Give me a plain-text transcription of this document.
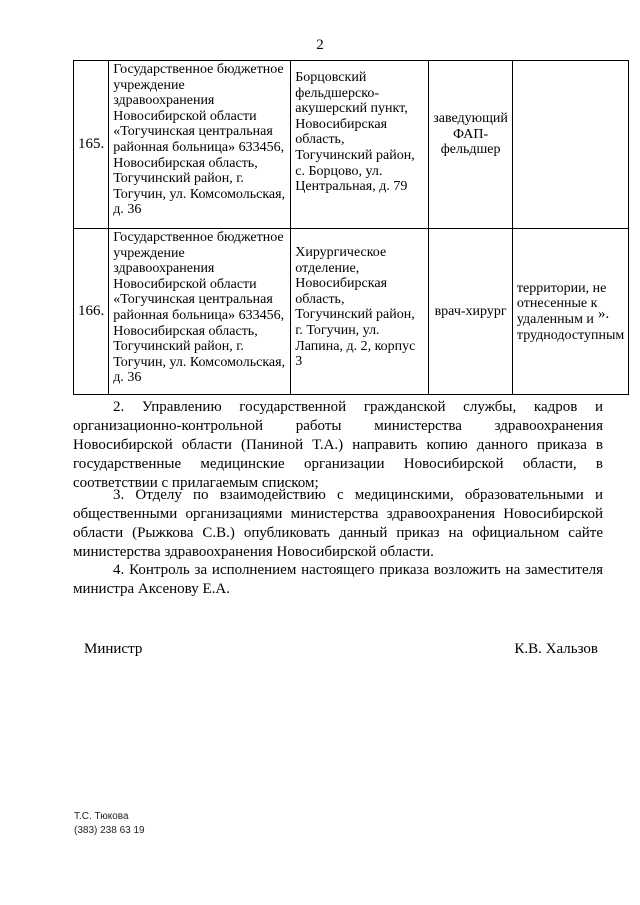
2
165.	Государственное бюджетное учреждение здравоохранения Новосибирской области «Тогучинская центральная районная больница» 633456, Новосибирская область, Тогучинский район, г. Тогучин, ул. Комсомольская, д. 36	Борцовский фельдшерско-акушерский пункт, Новосибирская область, Тогучинский район, с. Борцово, ул. Центральная, д. 79	заведующий ФАП-фельдшер	
166.	Государственное бюджетное учреждение здравоохранения Новосибирской области «Тогучинская центральная районная больница» 633456, Новосибирская область, Тогучинский район, г. Тогучин, ул. Комсомольская, д. 36	Хирургическое отделение, Новосибирская область, Тогучинский район, г. Тогучин, ул. Лапина, д. 2, корпус 3	врач-хирург	территории, не отнесенные к удаленным и труднодоступным
».

2. Управлению государственной гражданской службы, кадров и организационно-контрольной работы министерства здравоохранения Новосибирской области (Паниной Т.А.) направить копию данного приказа в государственные медицинские организации Новосибирской области, в соответствии с прилагаемым списком;

3. Отделу по взаимодействию с медицинскими, образовательными и общественными организациями министерства здравоохранения Новосибирской области (Рыжкова С.В.) опубликовать данный приказ на официальном сайте министерства здравоохранения Новосибирской области.

4. Контроль за исполнением настоящего приказа возложить на заместителя министра Аксенову Е.А.

Министр	К.В. Хальзов
Т.С. Тюкова
(383) 238 63 19
